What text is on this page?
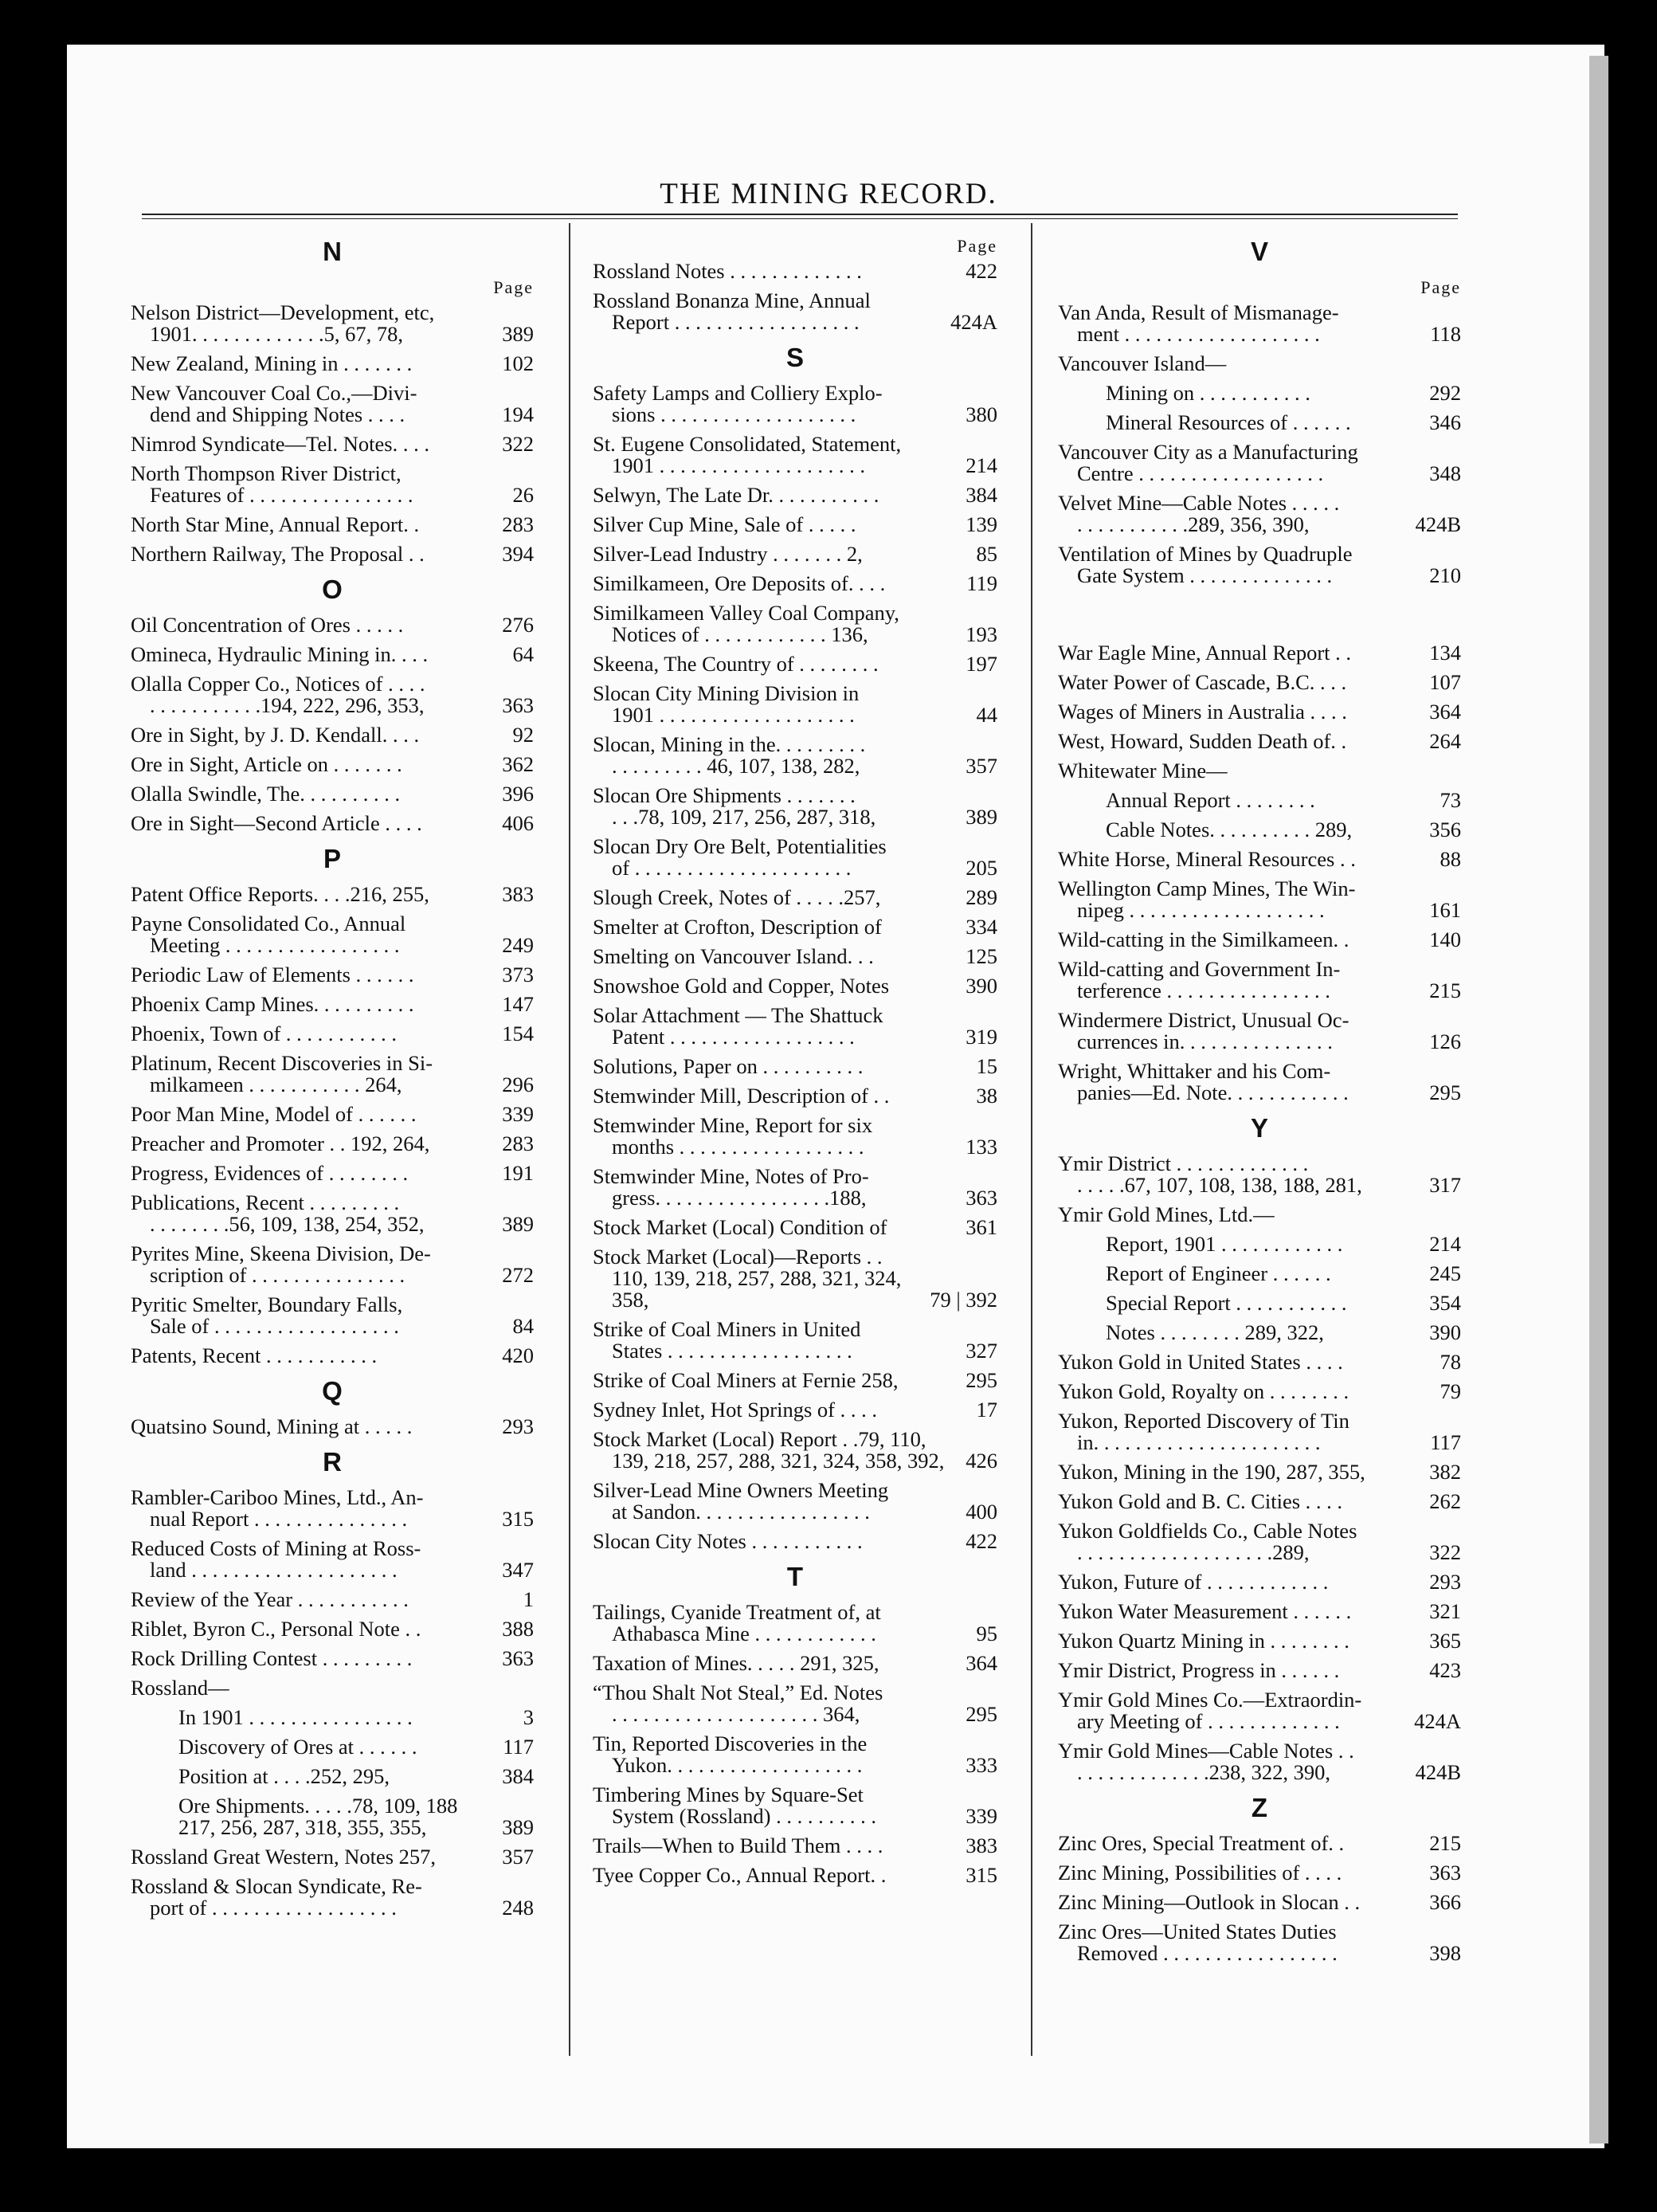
THE MINING RECORD.
N
Page
Nelson District—Development, etc,
1901. . . . . . . . . . . . .5, 67, 78,	389
New Zealand, Mining in . . . . . . .	102
New Vancouver Coal Co.,—Divi-
dend and Shipping Notes . . . .	194
Nimrod Syndicate—Tel. Notes. . . .	322
North Thompson River District,
Features of . . . . . . . . . . . . . . . .	26
North Star Mine, Annual Report. .	283
Northern Railway, The Proposal . .	394
O
Oil Concentration of Ores . . . . .	276
Omineca, Hydraulic Mining in. . . .	64
Olalla Copper Co., Notices of . . . .
. . . . . . . . . . .194, 222, 296, 353,	363
Ore in Sight, by J. D. Kendall. . . .	92
Ore in Sight, Article on . . . . . . .	362
Olalla Swindle, The. . . . . . . . . .	396
Ore in Sight—Second Article . . . .	406
P
Patent Office Reports. . . .216, 255,	383
Payne Consolidated Co., Annual
Meeting . . . . . . . . . . . . . . . . .	249
Periodic Law of Elements . . . . . .	373
Phoenix Camp Mines. . . . . . . . . .	147
Phoenix, Town of . . . . . . . . . . .	154
Platinum, Recent Discoveries in Si-
milkameen . . . . . . . . . . . 264,	296
Poor Man Mine, Model of . . . . . .	339
Preacher and Promoter . . 192, 264,	283
Progress, Evidences of . . . . . . . .	191
Publications, Recent . . . . . . . . .
. . . . . . . .56, 109, 138, 254, 352,	389
Pyrites Mine, Skeena Division, De-
scription of . . . . . . . . . . . . . . .	272
Pyritic Smelter, Boundary Falls,
Sale of . . . . . . . . . . . . . . . . . .	84
Patents, Recent . . . . . . . . . . .	420
Q
Quatsino Sound, Mining at . . . . .	293
R
Rambler-Cariboo Mines, Ltd., An-
nual Report . . . . . . . . . . . . . . .	315
Reduced Costs of Mining at Ross-
land . . . . . . . . . . . . . . . . . . . .	347
Review of the Year . . . . . . . . . . .	1
Riblet, Byron C., Personal Note . .	388
Rock Drilling Contest . . . . . . . . .	363
Rossland—
In 1901 . . . . . . . . . . . . . . . .	3
Discovery of Ores at . . . . . .	117
Position at . . . .252, 295,	384
Ore Shipments. . . . .78, 109, 188
217, 256, 287, 318, 355, 355,	389
Rossland Great Western, Notes 257,	357
Rossland & Slocan Syndicate, Re-
port of . . . . . . . . . . . . . . . . . .	248
Page
Rossland Notes . . . . . . . . . . . . .	422
Rossland Bonanza Mine, Annual
Report . . . . . . . . . . . . . . . . . .	424A
S
Safety Lamps and Colliery Explo-
sions . . . . . . . . . . . . . . . . . . .	380
St. Eugene Consolidated, Statement,
1901 . . . . . . . . . . . . . . . . . . . .	214
Selwyn, The Late Dr. . . . . . . . . . .	384
Silver Cup Mine, Sale of . . . . .	139
Silver-Lead Industry . . . . . . . 2,	85
Similkameen, Ore Deposits of. . . .	119
Similkameen Valley Coal Company,
Notices of . . . . . . . . . . . . 136,	193
Skeena, The Country of . . . . . . . .	197
Slocan City Mining Division in
1901 . . . . . . . . . . . . . . . . . . .	44
Slocan, Mining in the. . . . . . . . .
. . . . . . . . . 46, 107, 138, 282,	357
Slocan Ore Shipments . . . . . . .
. . .78, 109, 217, 256, 287, 318,	389
Slocan Dry Ore Belt, Potentialities
of . . . . . . . . . . . . . . . . . . . . .	205
Slough Creek, Notes of . . . . .257,	289
Smelter at Crofton, Description of	334
Smelting on Vancouver Island. . .	125
Snowshoe Gold and Copper, Notes	390
Solar Attachment — The Shattuck
Patent . . . . . . . . . . . . . . . . . .	319
Solutions, Paper on . . . . . . . . . .	15
Stemwinder Mill, Description of . .	38
Stemwinder Mine, Report for six
months . . . . . . . . . . . . . . . . . .	133
Stemwinder Mine, Notes of Pro-
gress. . . . . . . . . . . . . . . . .188,	363
Stock Market (Local) Condition of	361
Stock Market (Local)—Reports . .
110, 139, 218, 257, 288, 321, 324, 358,	79 | 392
Strike of Coal Miners in United
States . . . . . . . . . . . . . . . . . .	327
Strike of Coal Miners at Fernie 258,	295
Sydney Inlet, Hot Springs of . . . .	17
Stock Market (Local) Report . .79, 110,
139, 218, 257, 288, 321, 324, 358, 392,	426
Silver-Lead Mine Owners Meeting
at Sandon. . . . . . . . . . . . . . . . .	400
Slocan City Notes . . . . . . . . . . .	422
T
Tailings, Cyanide Treatment of, at
Athabasca Mine . . . . . . . . . . . .	95
Taxation of Mines. . . . . 291, 325,	364
“Thou Shalt Not Steal,” Ed. Notes
. . . . . . . . . . . . . . . . . . . . 364,	295
Tin, Reported Discoveries in the
Yukon. . . . . . . . . . . . . . . . . . .	333
Timbering Mines by Square-Set
System (Rossland) . . . . . . . . . .	339
Trails—When to Build Them . . . .	383
Tyee Copper Co., Annual Report. .	315
V
Page
Van Anda, Result of Mismanage-
ment . . . . . . . . . . . . . . . . . . .	118
Vancouver Island—
Mining on . . . . . . . . . . .	292
Mineral Resources of . . . . . .	346
Vancouver City as a Manufacturing
Centre . . . . . . . . . . . . . . . . . .	348
Velvet Mine—Cable Notes . . . . .
. . . . . . . . . . .289, 356, 390,	424B
Ventilation of Mines by Quadruple
Gate System . . . . . . . . . . . . . .	210
War Eagle Mine, Annual Report . .	134
Water Power of Cascade, B.C. . . .	107
Wages of Miners in Australia . . . .	364
West, Howard, Sudden Death of. .	264
Whitewater Mine—
Annual Report . . . . . . . .	73
Cable Notes. . . . . . . . . . 289,	356
White Horse, Mineral Resources . .	88
Wellington Camp Mines, The Win-
nipeg . . . . . . . . . . . . . . . . . . .	161
Wild-catting in the Similkameen. .	140
Wild-catting and Government In-
terference . . . . . . . . . . . . . . . .	215
Windermere District, Unusual Oc-
currences in. . . . . . . . . . . . . . .	126
Wright, Whittaker and his Com-
panies—Ed. Note. . . . . . . . . . . .	295
Y
Ymir District . . . . . . . . . . . . .
. . . . .67, 107, 108, 138, 188, 281,	317
Ymir Gold Mines, Ltd.—
Report, 1901 . . . . . . . . . . . .	214
Report of Engineer . . . . . .	245
Special Report . . . . . . . . . . .	354
Notes . . . . . . . . 289, 322,	390
Yukon Gold in United States . . . .	78
Yukon Gold, Royalty on . . . . . . . .	79
Yukon, Reported Discovery of Tin
in. . . . . . . . . . . . . . . . . . . . . .	117
Yukon, Mining in the 190, 287, 355,	382
Yukon Gold and B. C. Cities . . . .	262
Yukon Goldfields Co., Cable Notes
. . . . . . . . . . . . . . . . . . .289,	322
Yukon, Future of . . . . . . . . . . . .	293
Yukon Water Measurement . . . . . .	321
Yukon Quartz Mining in . . . . . . . .	365
Ymir District, Progress in . . . . . .	423
Ymir Gold Mines Co.—Extraordin-
ary Meeting of . . . . . . . . . . . . .	424A
Ymir Gold Mines—Cable Notes . .
. . . . . . . . . . . . .238, 322, 390,	424B
Z
Zinc Ores, Special Treatment of. .	215
Zinc Mining, Possibilities of . . . .	363
Zinc Mining—Outlook in Slocan . .	366
Zinc Ores—United States Duties
Removed . . . . . . . . . . . . . . . . .	398
